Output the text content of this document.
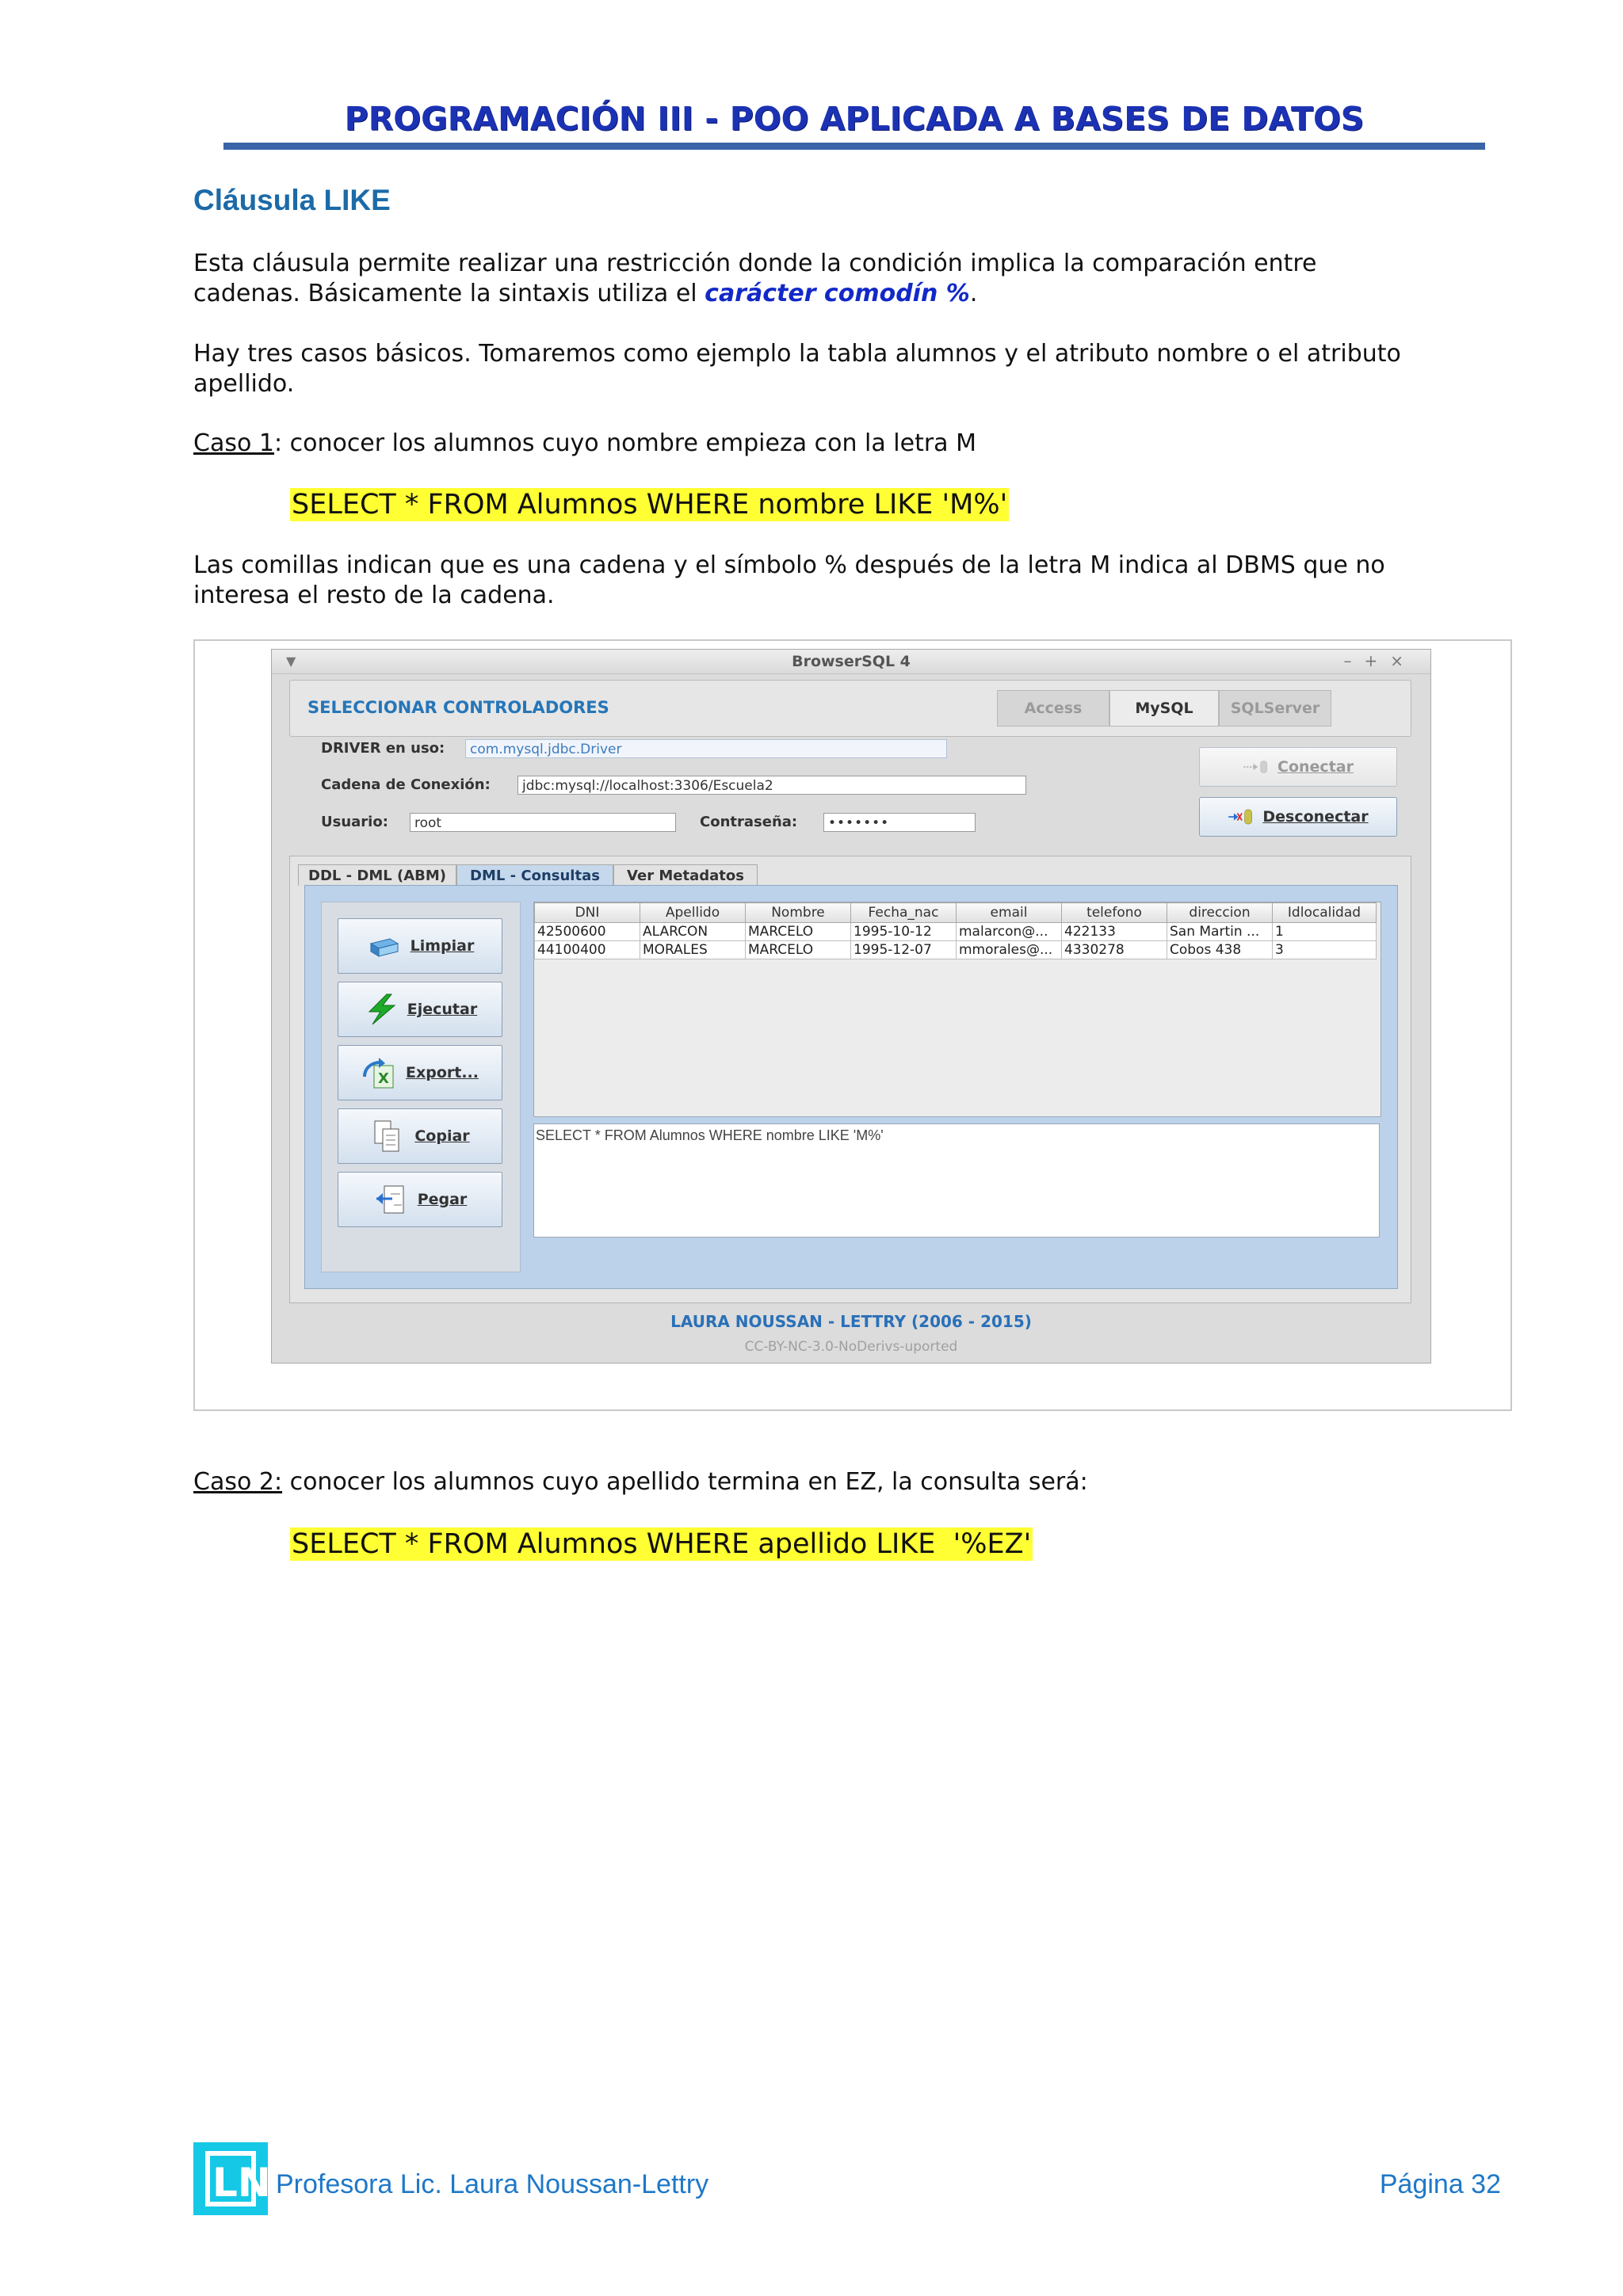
PROGRAMACIÓN III - POO APLICADA A BASES DE DATOS
Cláusula LIKE
Esta cláusula permite realizar una restricción donde la condición implica la comparación entre
cadenas. Básicamente la sintaxis utiliza el carácter comodín %.
Hay tres casos básicos. Tomaremos como ejemplo la tabla alumnos y el atributo nombre o el atributo
apellido.
Caso 1: conocer los alumnos cuyo nombre empieza con la letra M
SELECT * FROM Alumnos WHERE nombre LIKE 'M%'
Las comillas indican que es una cadena y el símbolo % después de la letra M indica al DBMS que no
interesa el resto de la cadena.
▼	BrowserSQL 4	–+×
SELECCIONAR CONTROLADORES	Access	MySQL	SQLServer
DRIVER en uso:	com.mysql.jdbc.Driver
Cadena de Conexión:	jdbc:mysql://localhost:3306/Escuela2
Usuario:	root	Contraseña:	•••••••
Conectar
Desconectar
DDL - DML (ABM)	DML - Consultas	Ver Metadatos
Limpiar
Ejecutar
X Export...
Copiar
Pegar
DNI	Apellido	Nombre	Fecha_nac	email	telefono	direccion	Idlocalidad
42500600	ALARCON	MARCELO	1995-10-12	malarcon@...	422133	San Martin ...	1
44100400	MORALES	MARCELO	1995-12-07	mmorales@...	4330278	Cobos 438	3
SELECT * FROM Alumnos WHERE nombre LIKE 'M%'
LAURA NOUSSAN - LETTRY (2006 - 2015)
CC-BY-NC-3.0-NoDerivs-uported
Caso 2: conocer los alumnos cuyo apellido termina en EZ, la consulta será:
SELECT * FROM Alumnos WHERE apellido LIKE  '%EZ'
LN Profesora Lic. Laura Noussan-Lettry	Página 32
